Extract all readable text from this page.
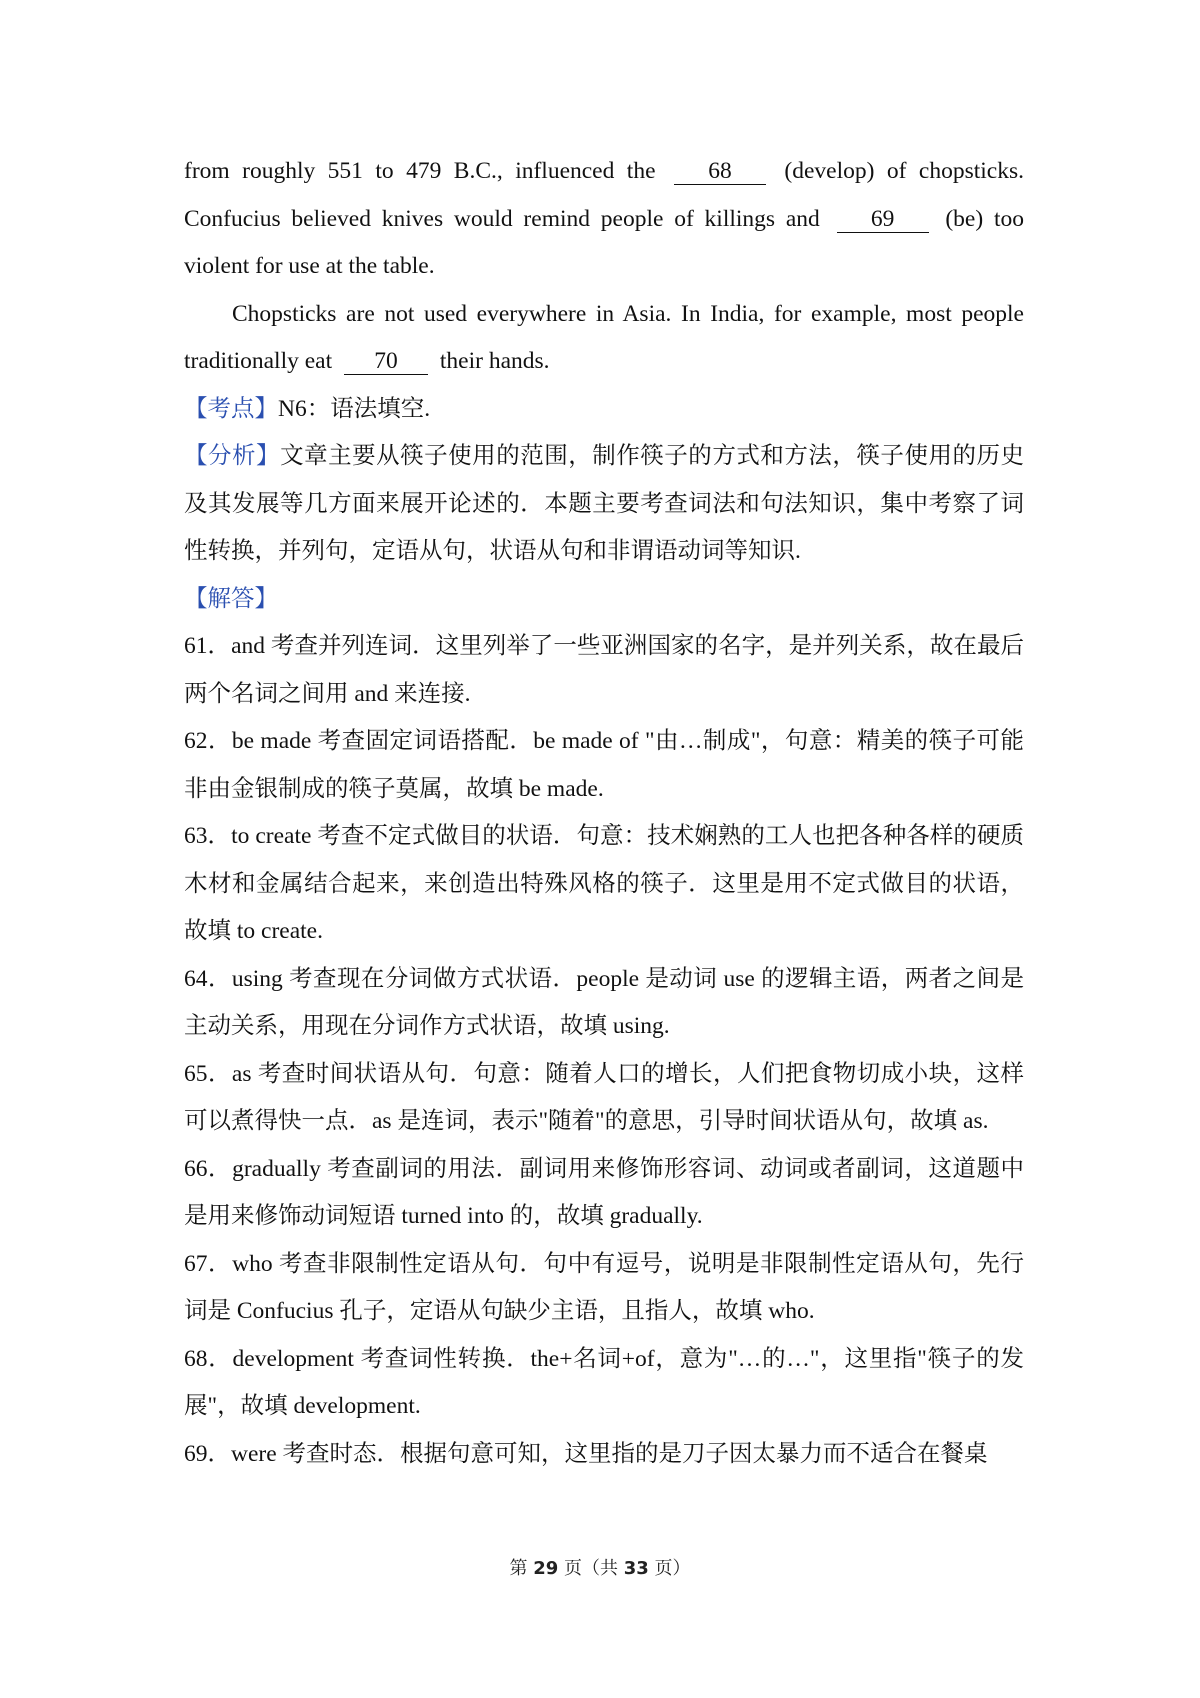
from roughly 551 to 479 B.C., influenced the 68 (develop) of chopsticks. Confucius believed knives would remind people of killings and 69 (be) too violent for use at the table.

Chopsticks are not used everywhere in Asia. In India, for example, most people traditionally eat 70 their hands.

【考点】N6：语法填空.

【分析】文章主要从筷子使用的范围，制作筷子的方式和方法，筷子使用的历史及其发展等几方面来展开论述的．本题主要考查词法和句法知识，集中考察了词性转换，并列句，定语从句，状语从句和非谓语动词等知识.

【解答】

61．and 考查并列连词．这里列举了一些亚洲国家的名字，是并列关系，故在最后两个名词之间用 and 来连接.

62．be made 考查固定词语搭配．be made of "由…制成"，句意：精美的筷子可能非由金银制成的筷子莫属，故填 be made.

63．to create 考查不定式做目的状语．句意：技术娴熟的工人也把各种各样的硬质木材和金属结合起来，来创造出特殊风格的筷子．这里是用不定式做目的状语，故填 to create.

64．using 考查现在分词做方式状语．people 是动词 use 的逻辑主语，两者之间是主动关系，用现在分词作方式状语，故填 using.

65．as 考查时间状语从句．句意：随着人口的增长，人们把食物切成小块，这样可以煮得快一点．as 是连词，表示"随着"的意思，引导时间状语从句，故填 as.

66．gradually 考查副词的用法．副词用来修饰形容词、动词或者副词，这道题中是用来修饰动词短语 turned into 的，故填 gradually.

67．who 考查非限制性定语从句．句中有逗号，说明是非限制性定语从句，先行词是 Confucius 孔子，定语从句缺少主语，且指人，故填 who.

68．development 考查词性转换．the+名词+of，意为"…的…"，这里指"筷子的发展"，故填 development.

69．were 考查时态．根据句意可知，这里指的是刀子因太暴力而不适合在餐桌

第 29 页（共 33 页）
